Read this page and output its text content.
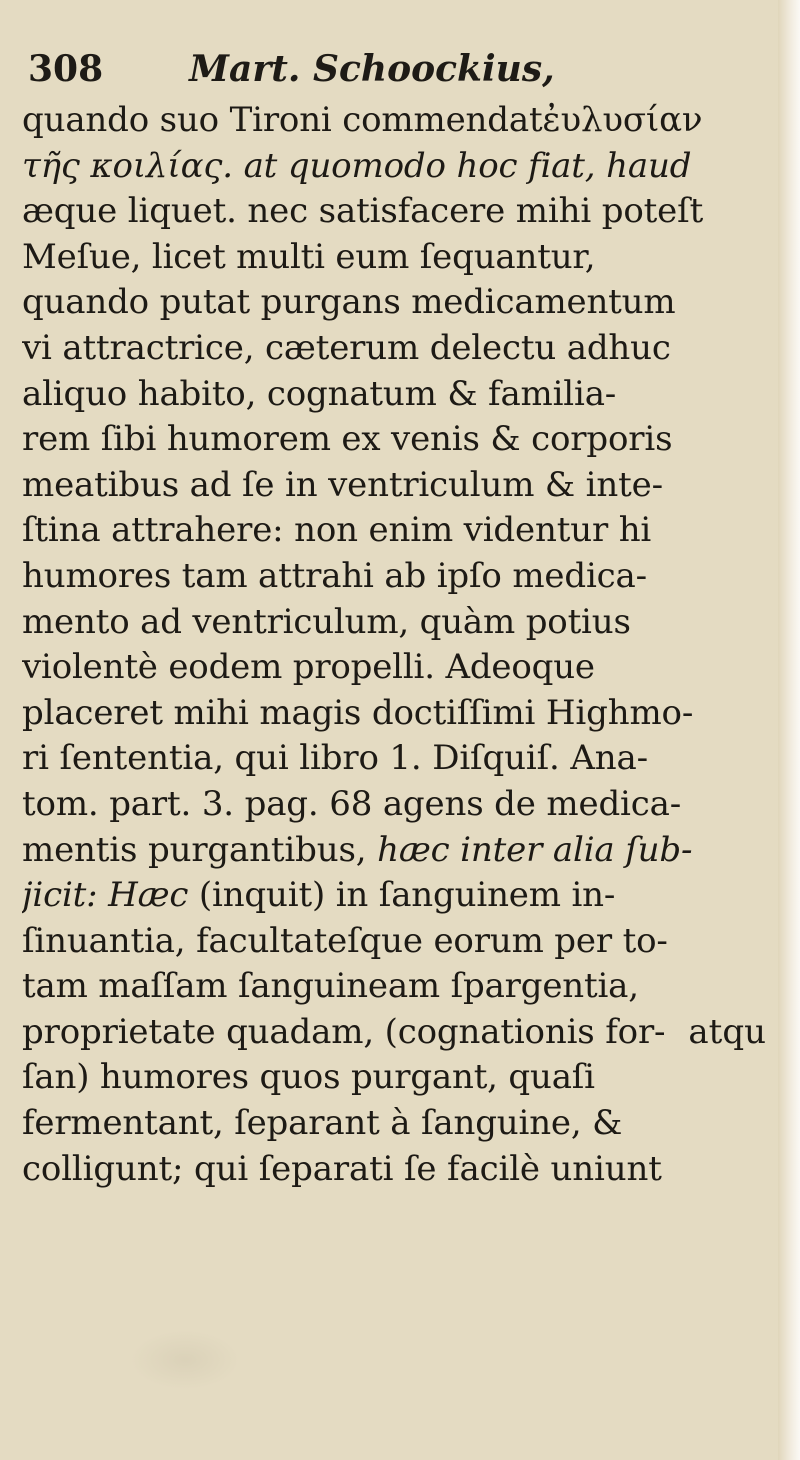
308 Mart. Schoockius,
quando suo Tironi commendatἐυλυσίαν
τῆς κοιλίας. at quomodo hoc fiat, haud
æque liquet. nec satisfacere mihi poteſt
Meſue, licet multi eum ſequantur,
quando putat purgans medicamentum
vi attractrice, cæterum delectu adhuc
aliquo habito, cognatum & familia-
rem ſibi humorem ex venis & corporis
meatibus ad ſe in ventriculum & inte-
ſtina attrahere: non enim videntur hi
humores tam attrahi ab ipſo medica-
mento ad ventriculum, quàm potius
violentè eodem propelli. Adeoque
placeret mihi magis doctiſſimi Highmo-
ri ſententia, qui libro 1. Diſquiſ. Ana-
tom. part. 3. pag. 68 agens de medica-
mentis purgantibus, hæc inter alia ſub-
jicit: Hæc (inquit) in ſanguinem in-
ſinuantia, facultateſque eorum per to-
tam maſſam ſanguineam ſpargentia,
proprietate quadam, (cognationis for-
ſan) humores quos purgant, quaſi
fermentant, ſeparant à ſanguine, &
colligunt; qui ſeparati ſe facilè uniunt
atqu
